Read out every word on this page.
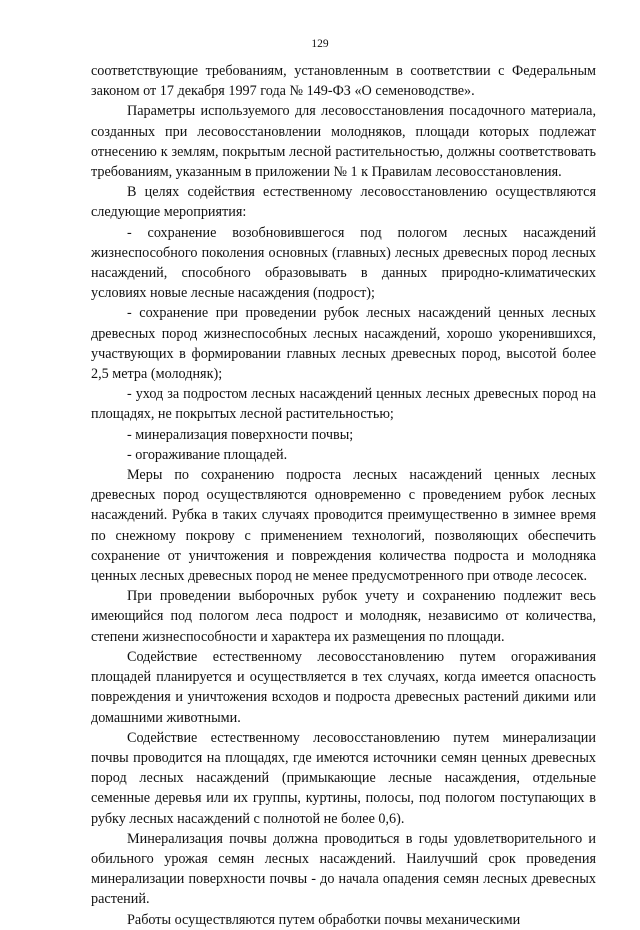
129

соответствующие требованиям, установленным в соответствии с Федеральным законом от 17 декабря 1997 года № 149-ФЗ «О семеноводстве».

Параметры используемого для лесовосстановления посадочного материала, созданных при лесовосстановлении молодняков, площади которых подлежат отнесению к землям, покрытым лесной растительностью, должны соответствовать требованиям, указанным в приложении № 1 к Правилам лесовосстановления.

В целях содействия естественному лесовосстановлению осуществляются следующие мероприятия:

- сохранение возобновившегося под пологом лесных насаждений жизнеспособного поколения основных (главных) лесных древесных пород лесных насаждений, способного образовывать в данных природно-климатических условиях новые лесные насаждения (подрост);

- сохранение при проведении рубок лесных насаждений ценных лесных древесных пород жизнеспособных лесных насаждений, хорошо укоренившихся, участвующих в формировании главных лесных древесных пород, высотой более 2,5 метра (молодняк);

- уход за подростом лесных насаждений ценных лесных древесных пород на площадях, не покрытых лесной растительностью;

- минерализация поверхности почвы;

- огораживание площадей.

Меры по сохранению подроста лесных насаждений ценных лесных древесных пород осуществляются одновременно с проведением рубок лесных насаждений. Рубка в таких случаях проводится преимущественно в зимнее время по снежному покрову с применением технологий, позволяющих обеспечить сохранение от уничтожения и повреждения количества подроста и молодняка ценных лесных древесных пород не менее предусмотренного при отводе лесосек.

При проведении выборочных рубок учету и сохранению подлежит весь имеющийся под пологом леса подрост и молодняк, независимо от количества, степени жизнеспособности и характера их размещения по площади.

Содействие естественному лесовосстановлению путем огораживания площадей планируется и осуществляется в тех случаях, когда имеется опасность повреждения и уничтожения всходов и подроста древесных растений дикими или домашними животными.

Содействие естественному лесовосстановлению путем минерализации почвы проводится на площадях, где имеются источники семян ценных древесных пород лесных насаждений (примыкающие лесные насаждения, отдельные семенные деревья или их группы, куртины, полосы, под пологом поступающих в рубку лесных насаждений с полнотой не более 0,6).

Минерализация почвы должна проводиться в годы удовлетворительного и обильного урожая семян лесных насаждений. Наилучший срок проведения минерализации поверхности почвы - до начала опадения семян лесных древесных растений.

Работы осуществляются путем обработки почвы механическими
